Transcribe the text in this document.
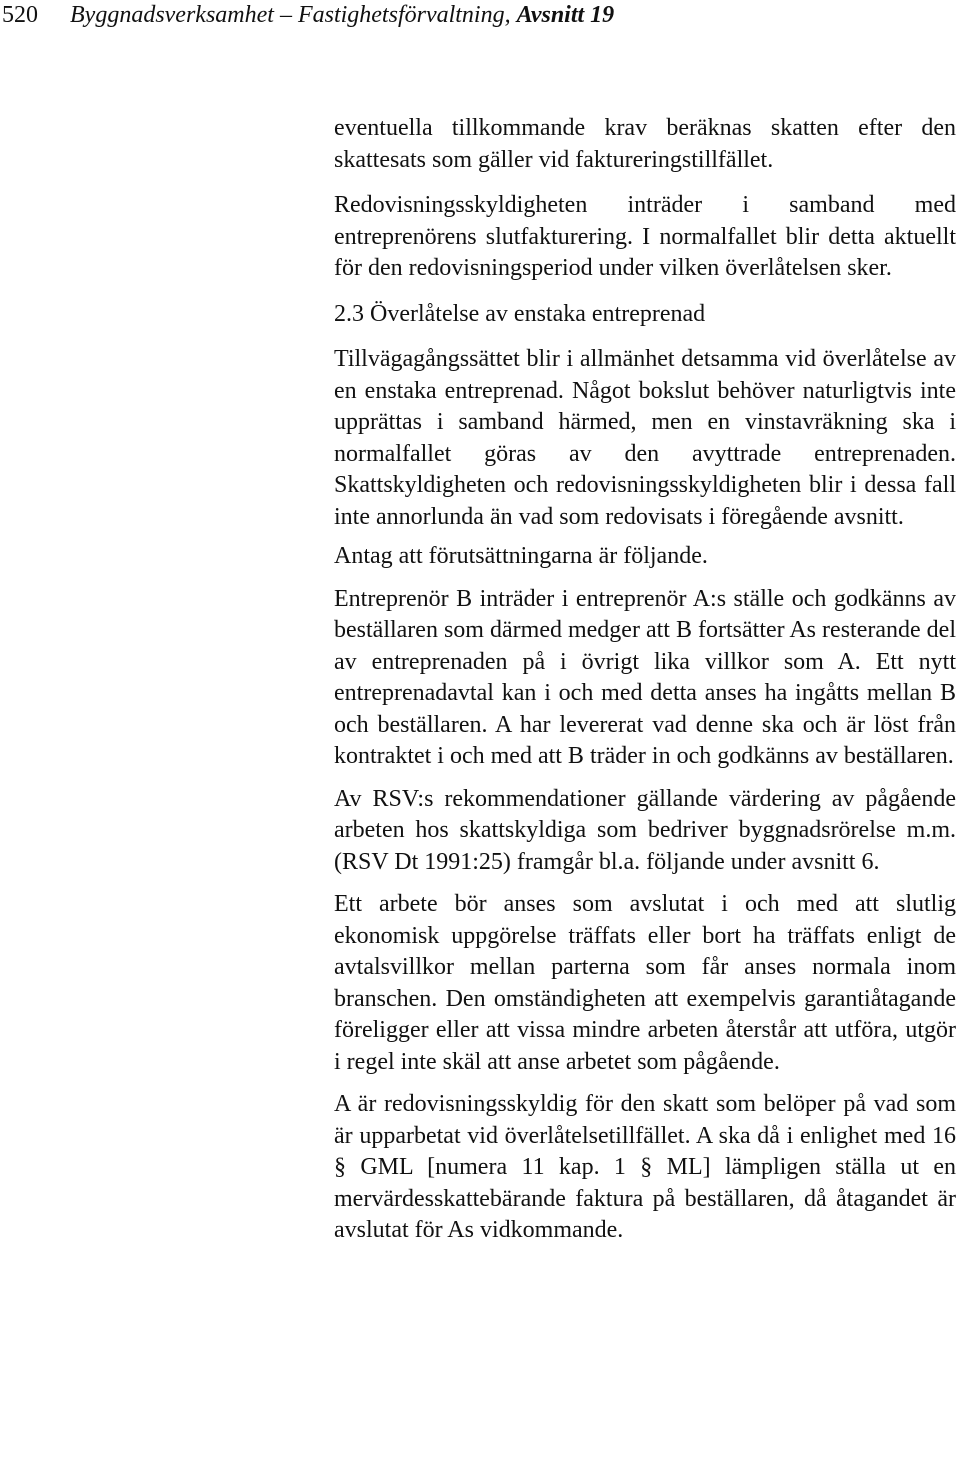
520 Byggnadsverksamhet – Fastighetsförvaltning, Avsnitt 19

eventuella tillkommande krav beräknas skatten efter den skattesats som gäller vid faktureringstillfället.

Redovisningsskyldigheten inträder i samband med entreprenörens slutfakturering. I normalfallet blir detta aktuellt för den redovisningsperiod under vilken överlåtelsen sker.

2.3 Överlåtelse av enstaka entreprenad

Tillvägagångssättet blir i allmänhet detsamma vid överlåtelse av en enstaka entreprenad. Något bokslut behöver naturligtvis inte upprättas i samband härmed, men en vinstavräkning ska i normalfallet göras av den avyttrade entreprenaden. Skattskyldigheten och redovisningsskyldigheten blir i dessa fall inte annorlunda än vad som redovisats i föregående avsnitt.

Antag att förutsättningarna är följande.

Entreprenör B inträder i entreprenör A:s ställe och godkänns av beställaren som därmed medger att B fortsätter As resterande del av entreprenaden på i övrigt lika villkor som A. Ett nytt entreprenadavtal kan i och med detta anses ha ingåtts mellan B och beställaren. A har levererat vad denne ska och är löst från kontraktet i och med att B träder in och godkänns av beställaren.

Av RSV:s rekommendationer gällande värdering av pågående arbeten hos skattskyldiga som bedriver byggnadsrörelse m.m. (RSV Dt 1991:25) framgår bl.a. följande under avsnitt 6.

Ett arbete bör anses som avslutat i och med att slutlig ekonomisk uppgörelse träffats eller bort ha träffats enligt de avtalsvillkor mellan parterna som får anses normala inom branschen. Den omständigheten att exempelvis garantiåtagande föreligger eller att vissa mindre arbeten återstår att utföra, utgör i regel inte skäl att anse arbetet som pågående.

A är redovisningsskyldig för den skatt som belöper på vad som är upparbetat vid överlåtelsetillfället. A ska då i enlighet med 16 § GML [numera 11 kap. 1 § ML] lämpligen ställa ut en mervärdesskattebärande faktura på beställaren, då åtagandet är avslutat för As vidkommande.
